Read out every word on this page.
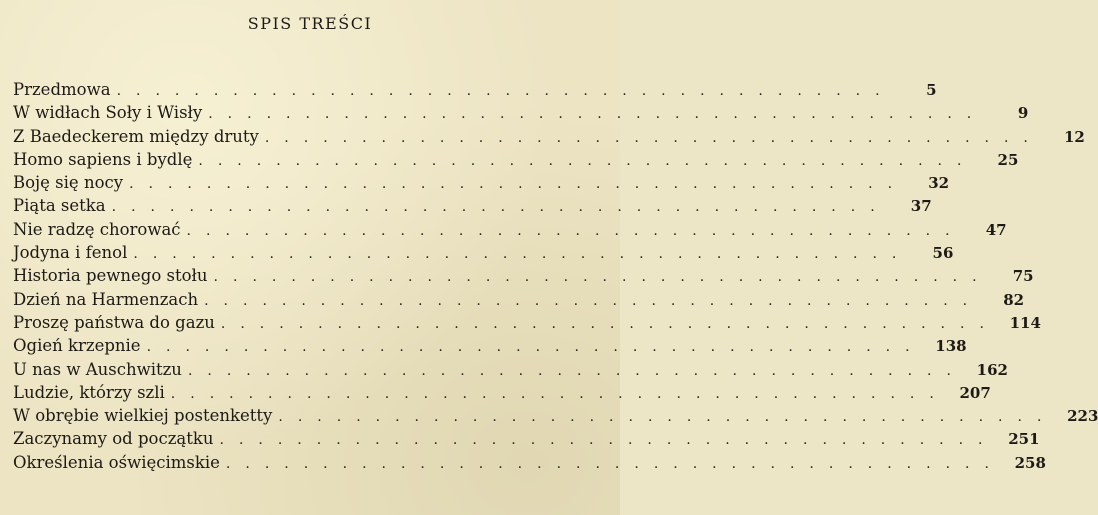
SPIS TREŚCI
Przedmowa ........................................	5
W widłach Soły i Wisły ........................................	9
Z Baedeckerem między druty ........................................	12
Homo sapiens i bydlę ........................................	25
Boję się nocy ........................................	32
Piąta setka ........................................	37
Nie radzę chorować ........................................	47
Jodyna i fenol ........................................	56
Historia pewnego stołu ........................................	75
Dzień na Harmenzach ........................................	82
Proszę państwa do gazu ........................................ 114
Ogień krzepnie ........................................ 138
U nas w Auschwitzu ........................................ 162
Ludzie, którzy szli ........................................ 207
W obrębie wielkiej postenketty ........................................ 223
Zaczynamy od początku ........................................ 251
Określenia oświęcimskie ........................................ 258
